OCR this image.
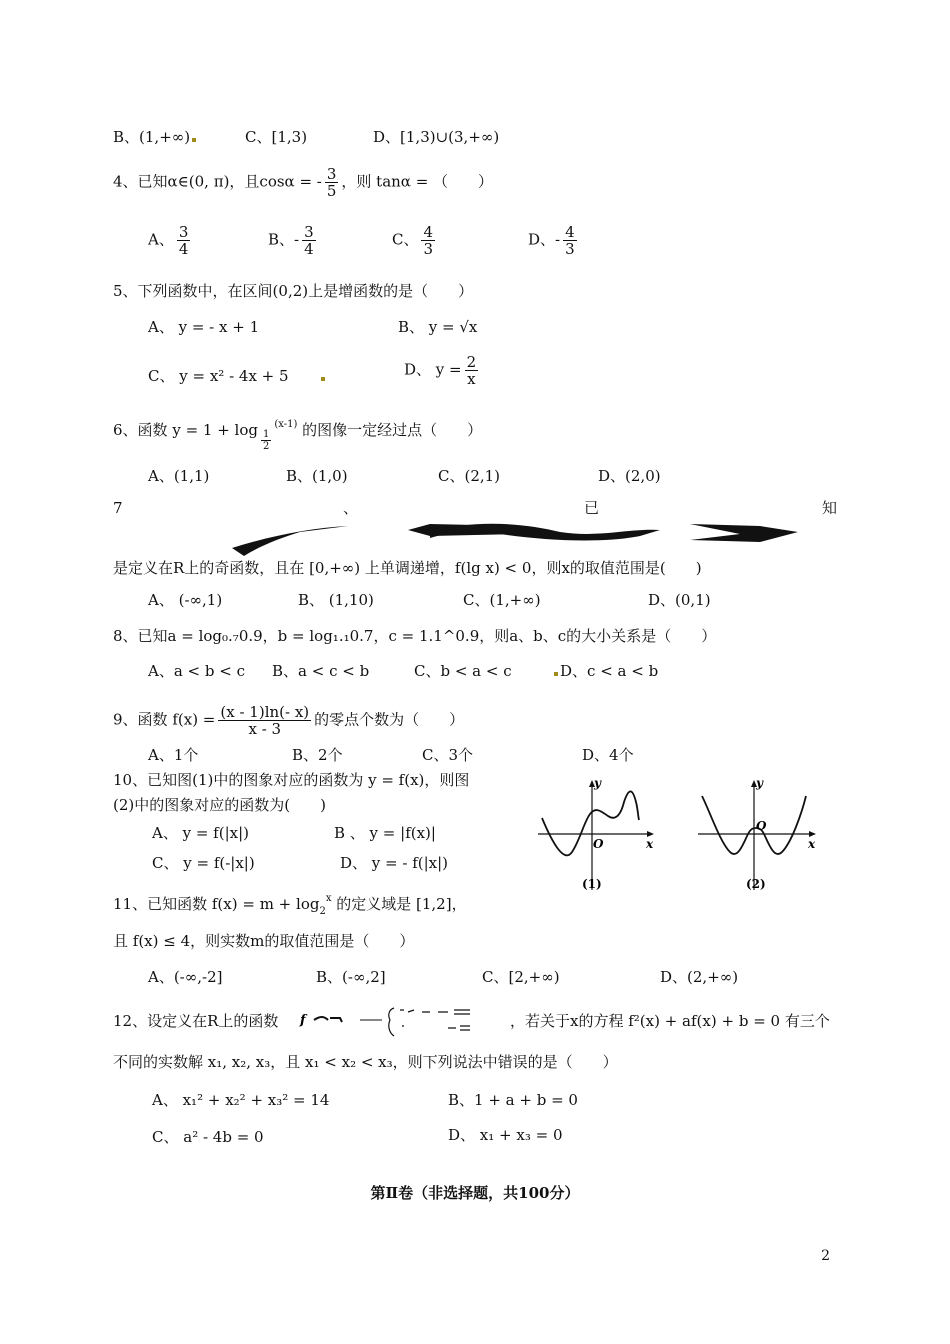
B、(1,+∞)	C、[1,3)	D、[1,3)∪(3,+∞)
4、已知α∈(0, π)，且cosα = - $\frac{3}{5}$ ，则 tanα = （　　）
A、 $\frac{3}{4}$	B、- $\frac{3}{4}$	C、 $\frac{4}{3}$	D、- $\frac{4}{3}$
5、下列函数中，在区间(0,2)上是增函数的是（　　）
A、 y = - x + 1	B、 y = √x
C、 y = x² - 4x + 5　　	D、 $y = \frac{2}{x}$
6、函数 $y = 1 + \log \frac{1}{2}$
$^{(x-1)}$ 的图像一定经过点（　　）
A、(1,1)	B、(1,0)	C、(2,1)	D、(2,0)
7	、	已	知
是定义在R上的奇函数，且在 [0,+∞) 上单调递增，f(lg x) < 0，则x的取值范围是(　　)
A、 (-∞,1)	B、 (1,10)	C、(1,+∞)	D、(0,1)
8、已知a = log₀.₇0.9，b = log₁.₁0.7，c = 1.1^0.9，则a、b、c的大小关系是（　　）
A、a < b < c B、a < c < b	C、b < a < c	D、c < a < b
9、函数 $f(x) = \frac{(x - 1)\ln(- x)}{x - 3}$ 的零点个数为（　　）
A、1个	B、2个	C、3个	D、4个
10、已知图(1)中的图象对应的函数为 y = f(x)，则图
(2)中的图象对应的函数为(　　)
A、 y = f(|x|)	B 、 y = |f(x)|
C、 y = f(-|x|)	D、 y = - f(|x|)
y
x
O
(1)
y
x
O
(2)
11、已知函数 $f(x) = m + \log_2^x$ 的定义域是 [1,2]，
且 f(x) ≤ 4，则实数m的取值范围是（　　）
A、(-∞,-2]	B、(-∞,2]	C、[2,+∞)	D、(2,+∞)
12、设定义在R上的函数 f	，若关于x的方程 f²(x) + af(x) + b = 0 有三个
不同的实数解 x₁, x₂, x₃，且 x₁ < x₂ < x₃，则下列说法中错误的是（　　）
A、 x₁² + x₂² + x₃² = 14	B、1 + a + b = 0
C、 a² - 4b = 0	D、 x₁ + x₃ = 0
第Ⅱ卷（非选择题，共100分）
2
